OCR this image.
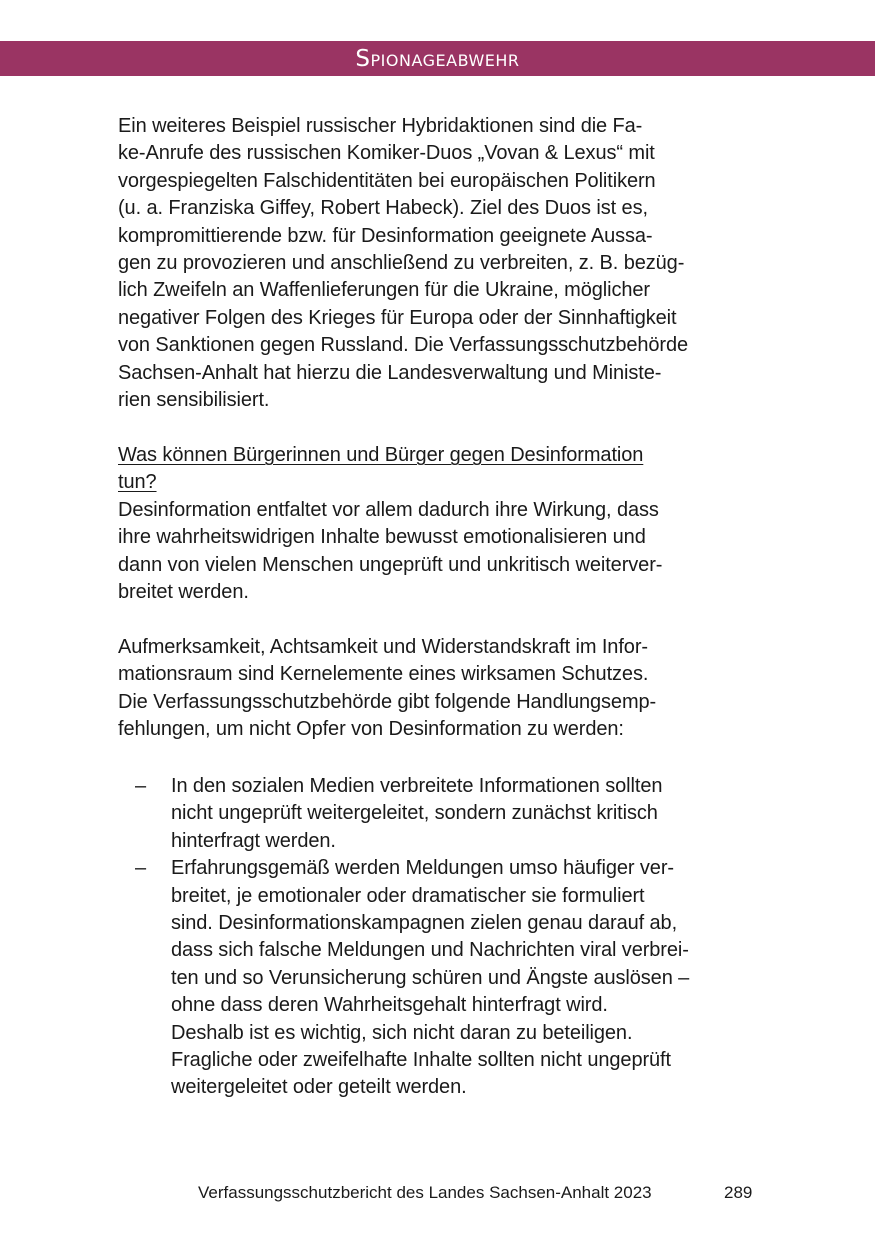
Spionageabwehr
Ein weiteres Beispiel russischer Hybridaktionen sind die Fa-
ke-Anrufe des russischen Komiker-Duos „Vovan & Lexus“ mit
vorgespiegelten Falschidentitäten bei europäischen Politikern
(u. a. Franziska Giffey, Robert Habeck). Ziel des Duos ist es,
kompromittierende bzw. für Desinformation geeignete Aussa-
gen zu provozieren und anschließend zu verbreiten, z. B. bezüg-
lich Zweifeln an Waffenlieferungen für die Ukraine, möglicher
negativer Folgen des Krieges für Europa oder der Sinnhaftigkeit
von Sanktionen gegen Russland. Die Verfassungsschutzbehörde
Sachsen-Anhalt hat hierzu die Landesverwaltung und Ministe-
rien sensibilisiert.
Was können Bürgerinnen und Bürger gegen Desinformation
tun?
Desinformation entfaltet vor allem dadurch ihre Wirkung, dass
ihre wahrheitswidrigen Inhalte bewusst emotionalisieren und
dann von vielen Menschen ungeprüft und unkritisch weiterver-
breitet werden.
Aufmerksamkeit, Achtsamkeit und Widerstandskraft im Infor-
mationsraum sind Kernelemente eines wirksamen Schutzes.
Die Verfassungsschutzbehörde gibt folgende Handlungsemp-
fehlungen, um nicht Opfer von Desinformation zu werden:
– In den sozialen Medien verbreitete Informationen sollten
nicht ungeprüft weitergeleitet, sondern zunächst kritisch
hinterfragt werden.
– Erfahrungsgemäß werden Meldungen umso häufiger ver-
breitet, je emotionaler oder dramatischer sie formuliert
sind. Desinformationskampagnen zielen genau darauf ab,
dass sich falsche Meldungen und Nachrichten viral verbrei-
ten und so Verunsicherung schüren und Ängste auslösen –
ohne dass deren Wahrheitsgehalt hinterfragt wird.
Deshalb ist es wichtig, sich nicht daran zu beteiligen.
Fragliche oder zweifelhafte Inhalte sollten nicht ungeprüft
weitergeleitet oder geteilt werden.
Verfassungsschutzbericht des Landes Sachsen-Anhalt 2023	289
